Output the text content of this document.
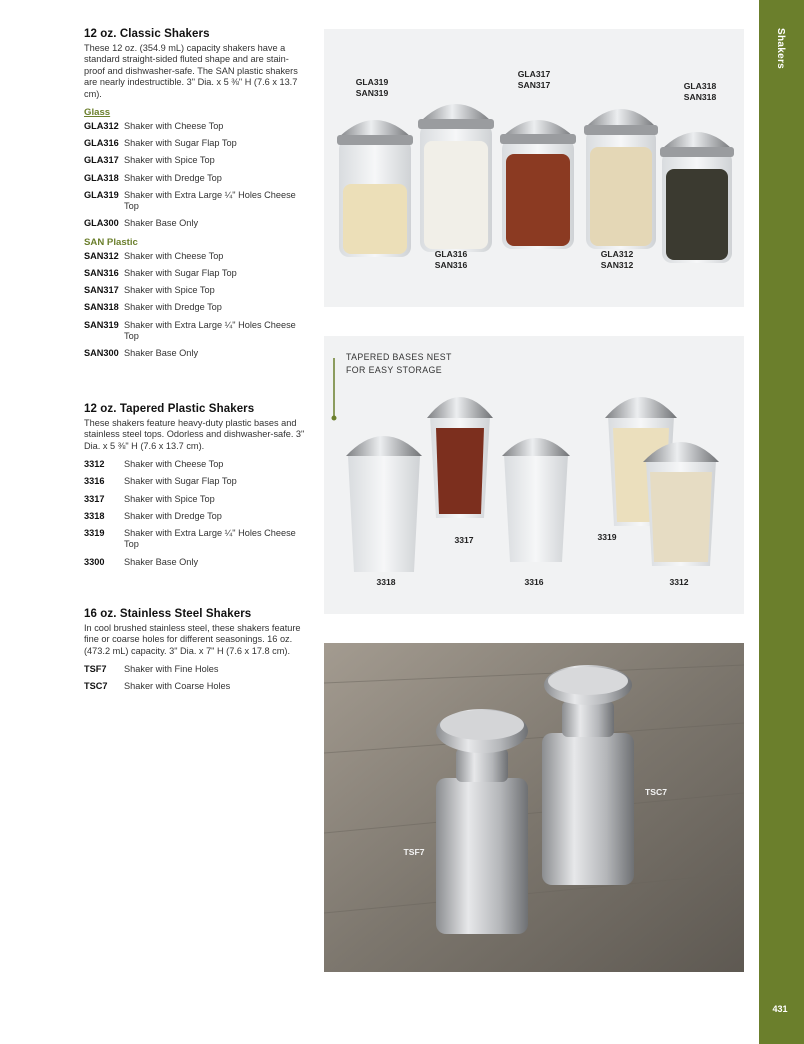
Shakers
431
12 oz. Classic Shakers

These 12 oz. (354.9 mL) capacity shakers have a standard straight-sided fluted shape and are stain-proof and dishwasher-safe. The SAN plastic shakers are nearly indestructible. 3" Dia. x 5 ⅜" H (7.6 x 13.7 cm).

Glass
GLA312 Shaker with Cheese Top
GLA316 Shaker with Sugar Flap Top
GLA317 Shaker with Spice Top
GLA318 Shaker with Dredge Top
GLA319 Shaker with Extra Large ¼" Holes Cheese Top
GLA300 Shaker Base Only
SAN Plastic
SAN312 Shaker with Cheese Top
SAN316 Shaker with Sugar Flap Top
SAN317 Shaker with Spice Top
SAN318 Shaker with Dredge Top
SAN319 Shaker with Extra Large ¼" Holes Cheese Top
SAN300 Shaker Base Only
12 oz. Tapered Plastic Shakers

These shakers feature heavy-duty plastic bases and stainless steel tops. Odorless and dishwasher-safe. 3" Dia. x 5 ⅜" H (7.6 x 13.7 cm).

3312	Shaker with Cheese Top
3316	Shaker with Sugar Flap Top
3317	Shaker with Spice Top
3318	Shaker with Dredge Top
3319	Shaker with Extra Large ¼" Holes Cheese Top
3300	Shaker Base Only
16 oz. Stainless Steel Shakers

In cool brushed stainless steel, these shakers feature fine or coarse holes for different seasonings. 16 oz. (473.2 mL) capacity. 3" Dia. x 7" H (7.6 x 17.8 cm).

TSF7	Shaker with Fine Holes
TSC7	Shaker with Coarse Holes
GLA319
SAN319
GLA317
SAN317	GLA318
SAN318
GLA316
SAN316
GLA312
SAN312
TAPERED BASES NEST
FOR EASY STORAGE
3317	3319
3318	3316	3312
TSC7
TSF7
